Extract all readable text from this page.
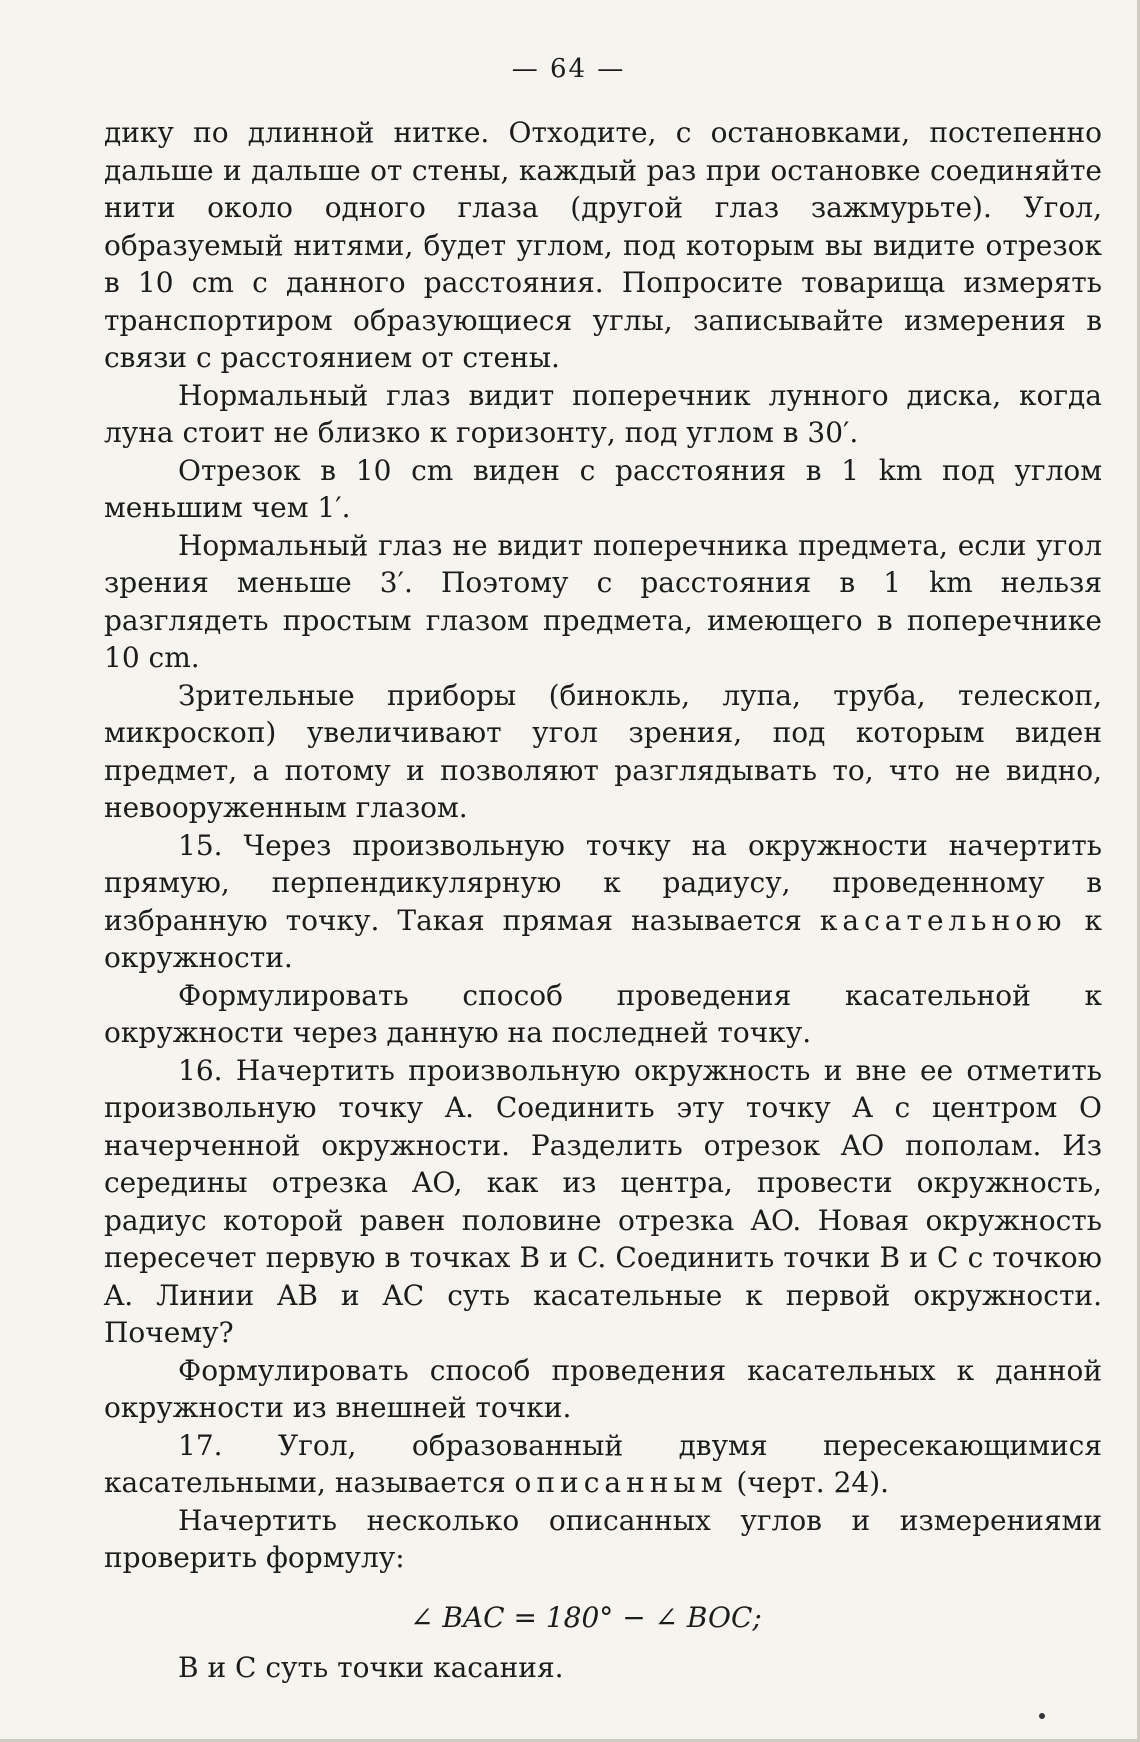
— 64 —

дику по длинной нитке. Отходите, с остановками, постепенно дальше и дальше от стены, каждый раз при остановке соединяйте нити около одного глаза (другой глаз зажмурьте). Угол, образуемый нитями, будет углом, под которым вы видите отрезок в 10 cm с данного расстояния. Попросите товарища измерять транспортиром образующиеся углы, записывайте измерения в связи с расстоянием от стены.

Нормальный глаз видит поперечник лунного диска, когда луна стоит не близко к горизонту, под углом в 30′.

Отрезок в 10 cm виден с расстояния в 1 km под углом меньшим чем 1′.

Нормальный глаз не видит поперечника предмета, если угол зрения меньше 3′. Поэтому с расстояния в 1 km нельзя разглядеть простым глазом предмета, имеющего в поперечнике 10 cm.

Зрительные приборы (бинокль, лупа, труба, телескоп, микроскоп) увеличивают угол зрения, под которым виден предмет, а потому и позволяют разглядывать то, что не видно, невооруженным глазом.

15. Через произвольную точку на окружности начертить прямую, перпендикулярную к радиусу, проведенному в избранную точку. Такая прямая называется касательною к окружности.

Формулировать способ проведения касательной к окружности через данную на последней точку.

16. Начертить произвольную окружность и вне ее отметить произвольную точку A. Соединить эту точку A с центром O начерченной окружности. Разделить отрезок AO пополам. Из середины отрезка AO, как из центра, провести окружность, радиус которой равен половине отрезка AO. Новая окружность пересечет первую в точках B и C. Соединить точки B и C с точкою A. Линии AB и AC суть касательные к первой окружности. Почему?

Формулировать способ проведения касательных к данной окружности из внешней точки.

17. Угол, образованный двумя пересекающимися касательными, называется описанным (черт. 24).

Начертить несколько описанных углов и измерениями проверить формулу:

∠ BAC = 180° − ∠ BOC;

B и C суть точки касания.
